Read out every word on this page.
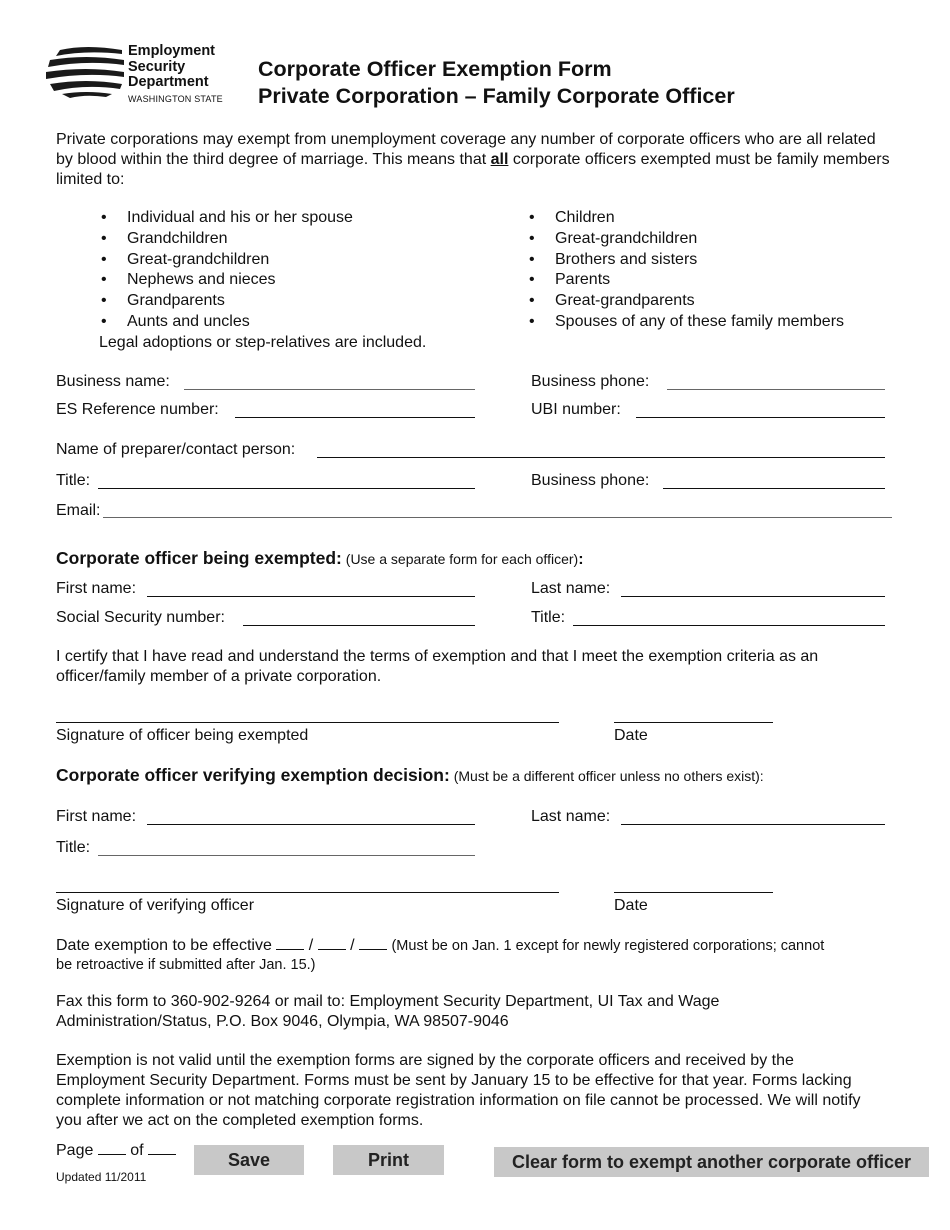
Employment
Security
Department
WASHINGTON STATE
Corporate Officer Exemption Form
Private Corporation – Family Corporate Officer
Private corporations may exempt from unemployment coverage any number of corporate officers who are all related by blood within the third degree of marriage. This means that all corporate officers exempted must be family members limited to:
• Individual and his or her spouse
• Grandchildren
• Great-grandchildren
• Nephews and nieces
• Grandparents
• Aunts and uncles
Legal adoptions or step-relatives are included.
• Children
• Great-grandchildren
• Brothers and sisters
• Parents
• Great-grandparents
• Spouses of any of these family members
Business name:	Business phone:
ES Reference number:	UBI number:
Name of preparer/contact person:
Title:	Business phone:
Email:
Corporate officer being exempted: (Use a separate form for each officer):
First name:	Last name:
Social Security number:	Title:
I certify that I have read and understand the terms of exemption and that I meet the exemption criteria as an officer/family member of a private corporation.
Signature of officer being exempted	Date
Corporate officer verifying exemption decision: (Must be a different officer unless no others exist):
First name:	Last name:
Title:
Signature of verifying officer	Date
Date exemption to be effective / /	(Must be on Jan. 1 except for newly registered corporations; cannot
be retroactive if submitted after Jan. 15.)
Fax this form to 360-902-9264 or mail to: Employment Security Department, UI Tax and Wage Administration/Status, P.O. Box 9046, Olympia, WA 98507-9046
Exemption is not valid until the exemption forms are signed by the corporate officers and received by the Employment Security Department. Forms must be sent by January 15 to be effective for that year. Forms lacking complete information or not matching corporate registration information on file cannot be processed. We will notify you after we act on the completed exemption forms.
Page of
Updated 11/2011
Save	Print	Clear form to exempt another corporate officer
